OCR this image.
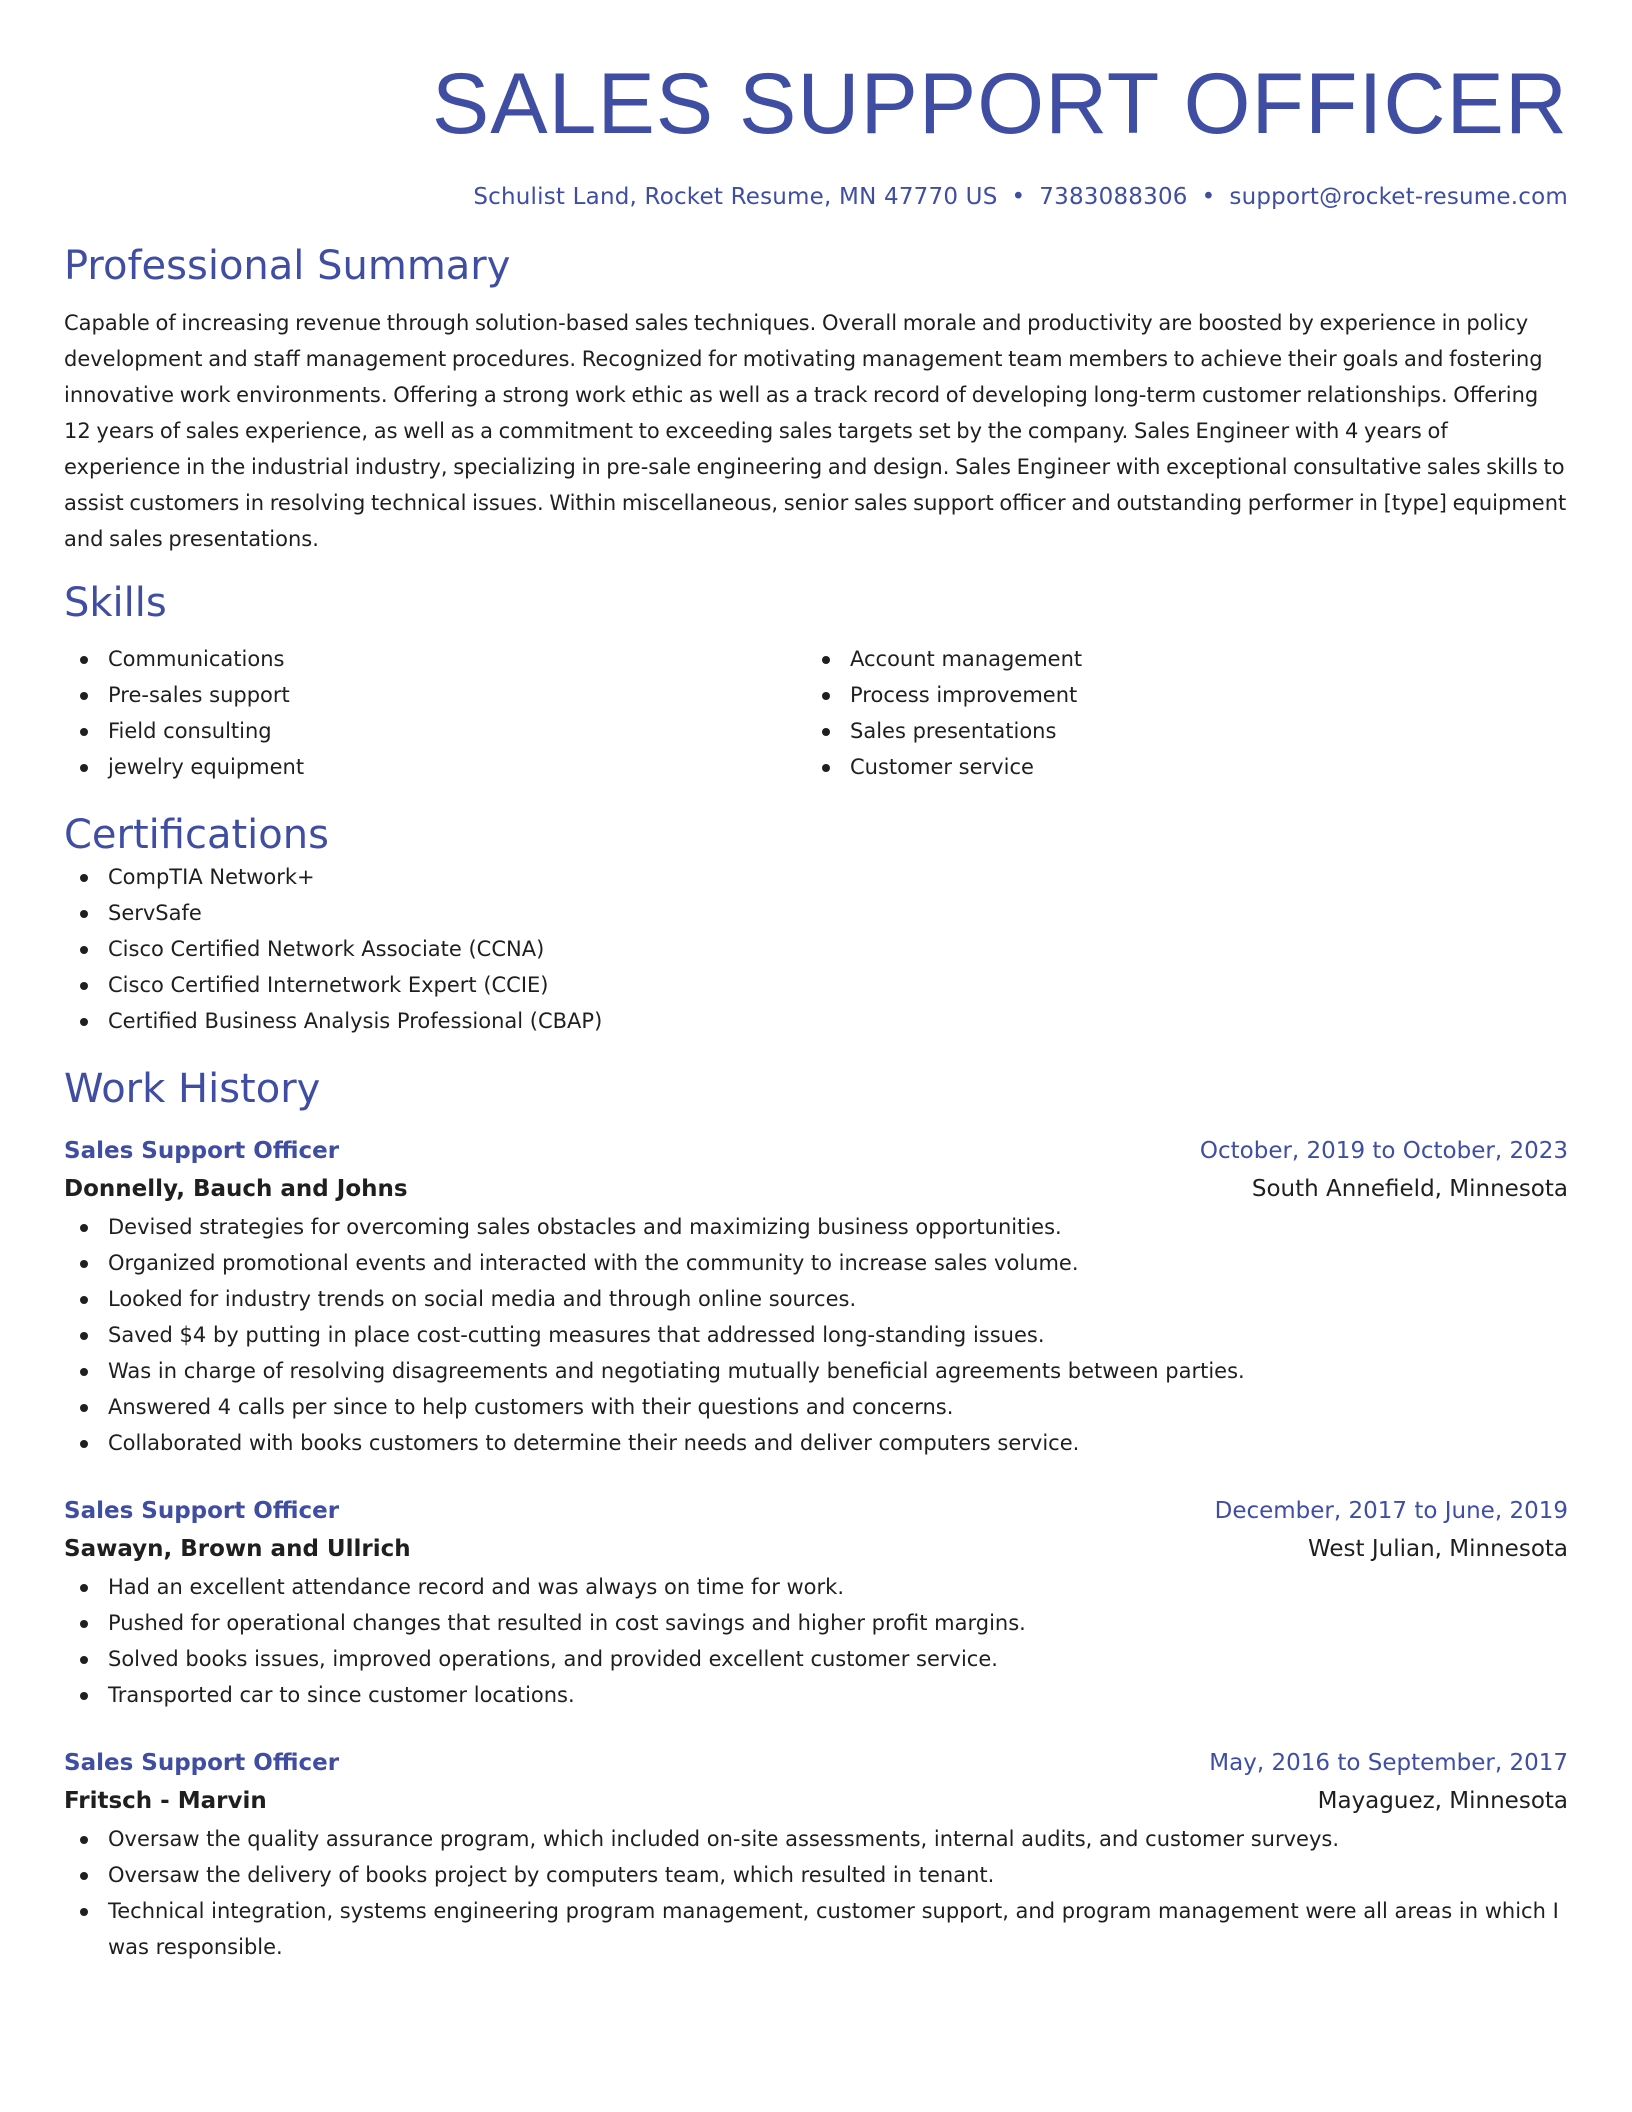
SALES SUPPORT OFFICER
Schulist Land, Rocket Resume, MN 47770 US • 7383088306 • support@rocket-resume.com
Professional Summary

Capable of increasing revenue through solution-based sales techniques. Overall morale and productivity are boosted by experience in policy development and staff management procedures. Recognized for motivating management team members to achieve their goals and fostering innovative work environments. Offering a strong work ethic as well as a track record of developing long-term customer relationships. Offering 12 years of sales experience, as well as a commitment to exceeding sales targets set by the company. Sales Engineer with 4 years of experience in the industrial industry, specializing in pre-sale engineering and design. Sales Engineer with exceptional consultative sales skills to assist customers in resolving technical issues. Within miscellaneous, senior sales support officer and outstanding performer in [type] equipment and sales presentations.

Skills
Communications
Pre-sales support
Field consulting
jewelry equipment
Account management
Process improvement
Sales presentations
Customer service
Certifications
CompTIA Network+
ServSafe
Cisco Certified Network Associate (CCNA)
Cisco Certified Internetwork Expert (CCIE)
Certified Business Analysis Professional (CBAP)
Work History
Sales Support Officer	October, 2019 to October, 2023
Donnelly, Bauch and Johns	South Annefield, Minnesota
Devised strategies for overcoming sales obstacles and maximizing business opportunities.
Organized promotional events and interacted with the community to increase sales volume.
Looked for industry trends on social media and through online sources.
Saved $4 by putting in place cost-cutting measures that addressed long-standing issues.
Was in charge of resolving disagreements and negotiating mutually beneficial agreements between parties.
Answered 4 calls per since to help customers with their questions and concerns.
Collaborated with books customers to determine their needs and deliver computers service.
Sales Support Officer	December, 2017 to June, 2019
Sawayn, Brown and Ullrich	West Julian, Minnesota
Had an excellent attendance record and was always on time for work.
Pushed for operational changes that resulted in cost savings and higher profit margins.
Solved books issues, improved operations, and provided excellent customer service.
Transported car to since customer locations.
Sales Support Officer	May, 2016 to September, 2017
Fritsch - Marvin	Mayaguez, Minnesota
Oversaw the quality assurance program, which included on-site assessments, internal audits, and customer surveys.
Oversaw the delivery of books project by computers team, which resulted in tenant.
Technical integration, systems engineering program management, customer support, and program management were all areas in which I was responsible.
